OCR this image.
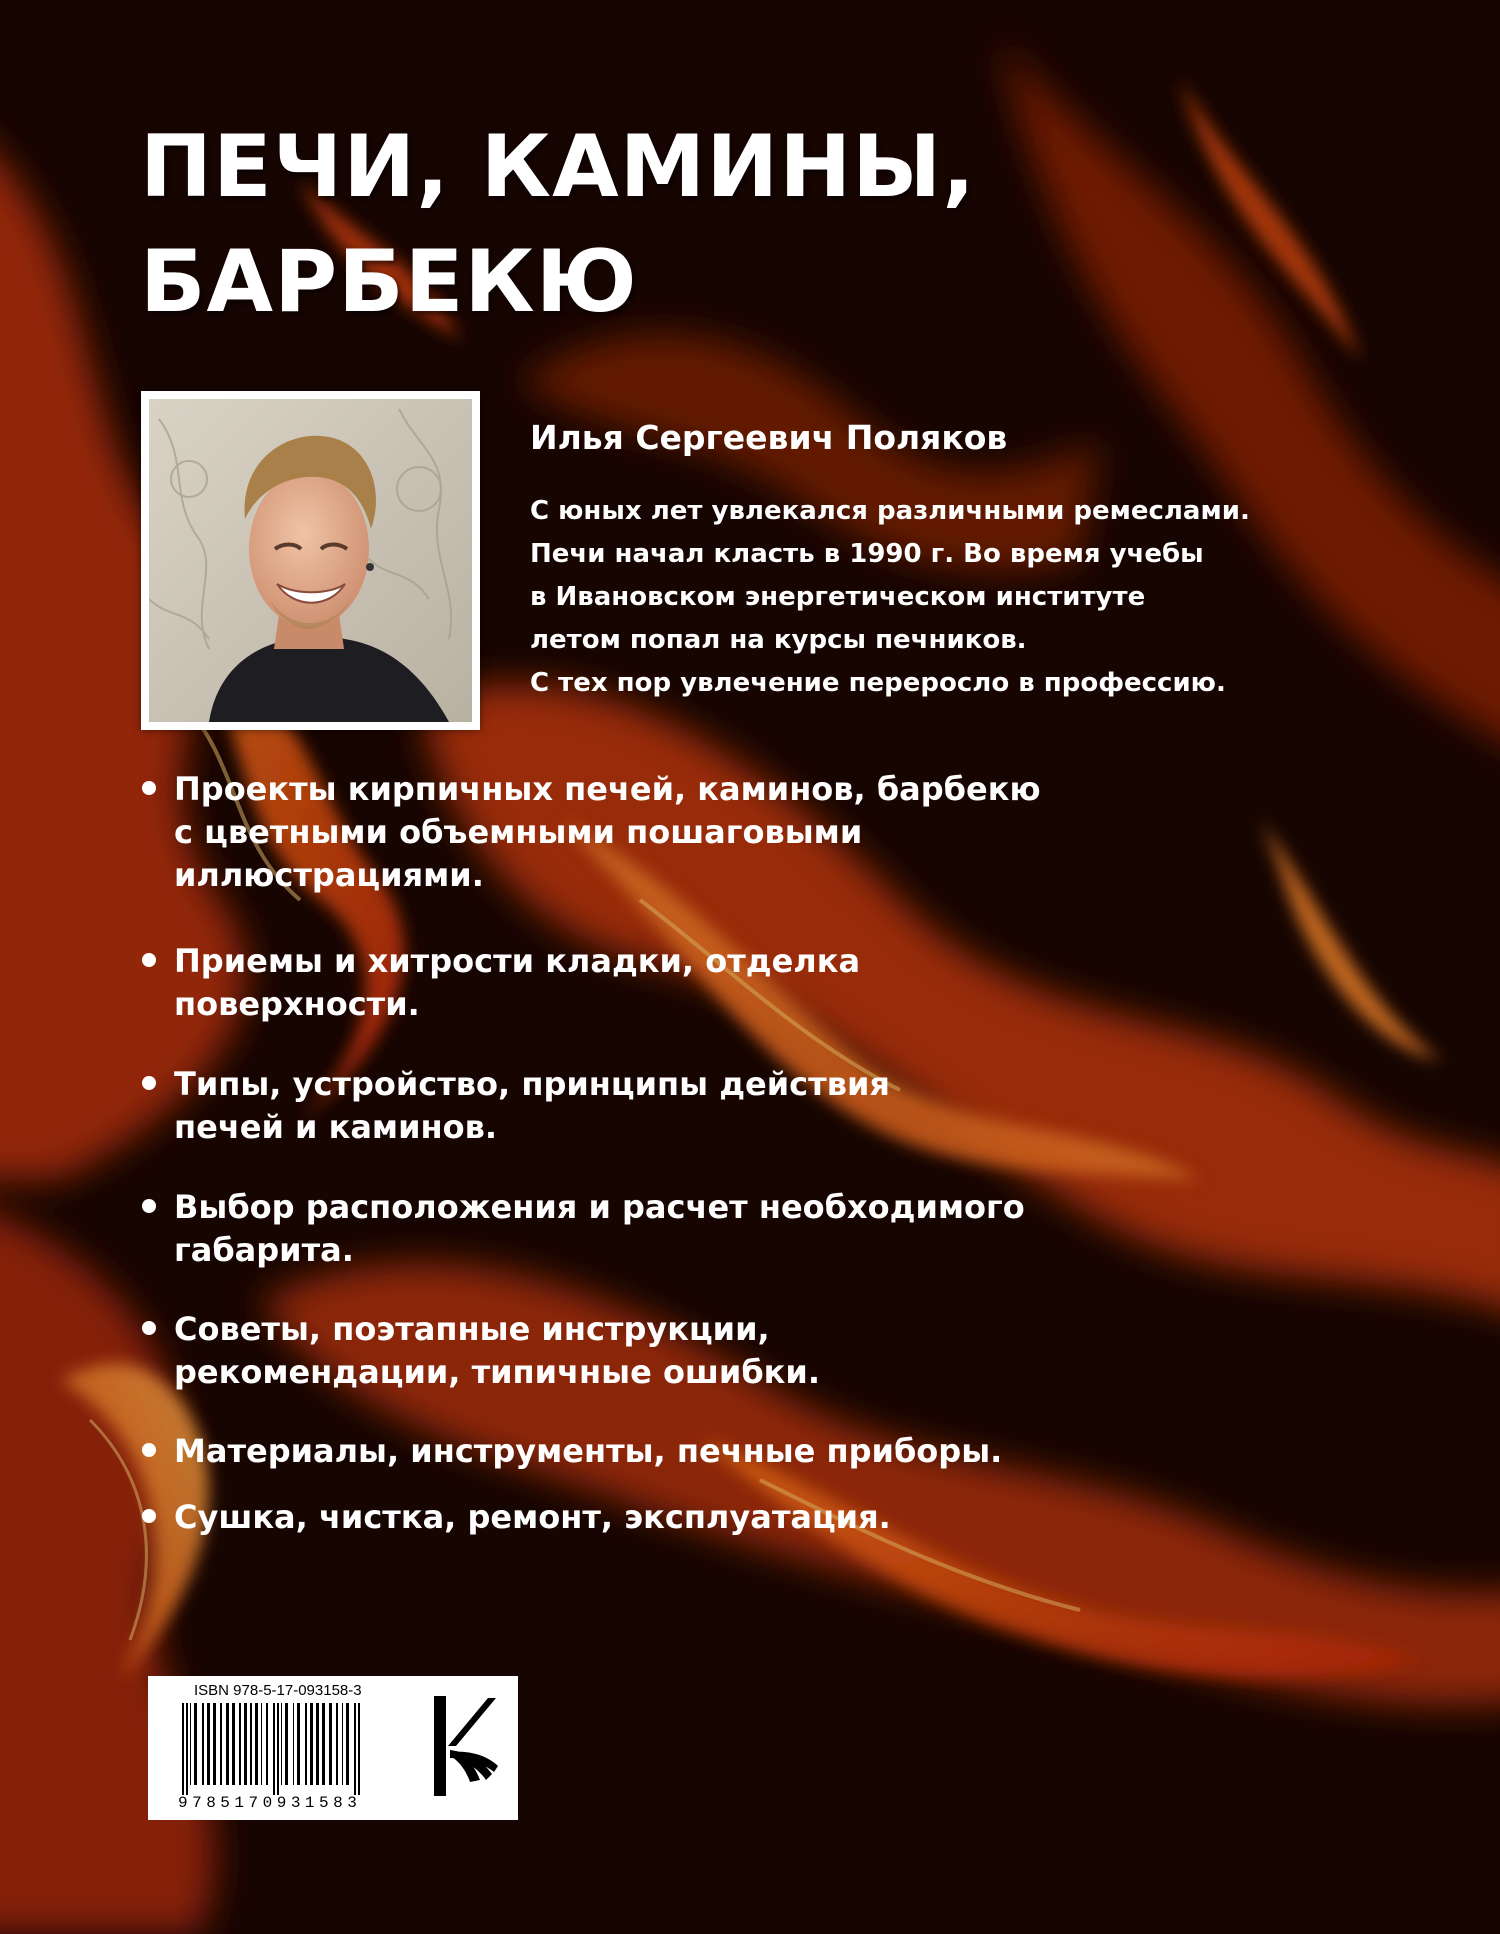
ПЕЧИ, КАМИНЫ,
БАРБЕКЮ
Илья Сергеевич Поляков
С юных лет увлекался различными ремеслами.
Печи начал класть в 1990 г. Во время учебы
в Ивановском энергетическом институте
летом попал на курсы печников.
С тех пор увлечение переросло в профессию.
Проекты кирпичных печей, каминов, барбекю
с цветными объемными пошаговыми
иллюстрациями.
Приемы и хитрости кладки, отделка
поверхности.
Типы, устройство, принципы действия
печей и каминов.
Выбор расположения и расчет необходимого
габарита.
Советы, поэтапные инструкции,
рекомендации, типичные ошибки.
Материалы, инструменты, печные приборы.
Сушка, чистка, ремонт, эксплуатация.
ISBN 978-5-17-093158-3
9785170931583
